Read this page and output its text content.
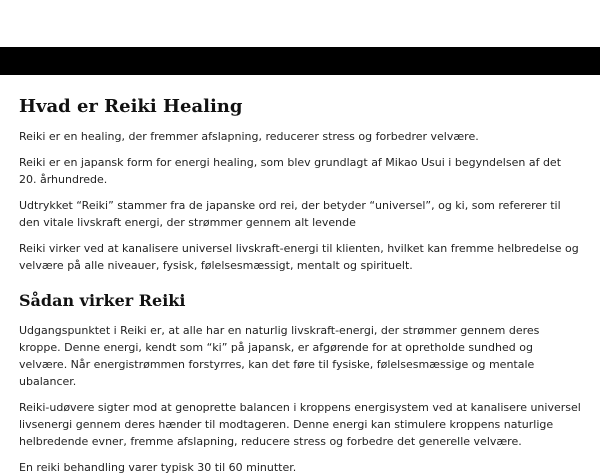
Hvad er Reiki Healing

Reiki er en healing, der fremmer afslapning, reducerer stress og forbedrer velvære.

Reiki er en japansk form for energi healing, som blev grundlagt af Mikao Usui i begyndelsen af det 20. århundrede.

Udtrykket “Reiki” stammer fra de japanske ord rei, der betyder “universel”, og ki, som refererer til den vitale livskraft energi, der strømmer gennem alt levende

Reiki virker ved at kanalisere universel livskraft-energi til klienten, hvilket kan fremme helbredelse og velvære på alle niveauer, fysisk, følelsesmæssigt, mentalt og spirituelt.

Sådan virker Reiki

Udgangspunktet i Reiki er, at alle har en naturlig livskraft-energi, der strømmer gennem deres kroppe. Denne energi, kendt som “ki” på japansk, er afgørende for at opretholde sundhed og velvære. Når energistrømmen forstyrres, kan det føre til fysiske, følelsesmæssige og mentale ubalancer.

Reiki-udøvere sigter mod at genoprette balancen i kroppens energisystem ved at kanalisere universel livsenergi gennem deres hænder til modtageren. Denne energi kan stimulere kroppens naturlige helbredende evner, fremme afslapning, reducere stress og forbedre det generelle velvære.

En reiki behandling varer typisk 30 til 60 minutter.
